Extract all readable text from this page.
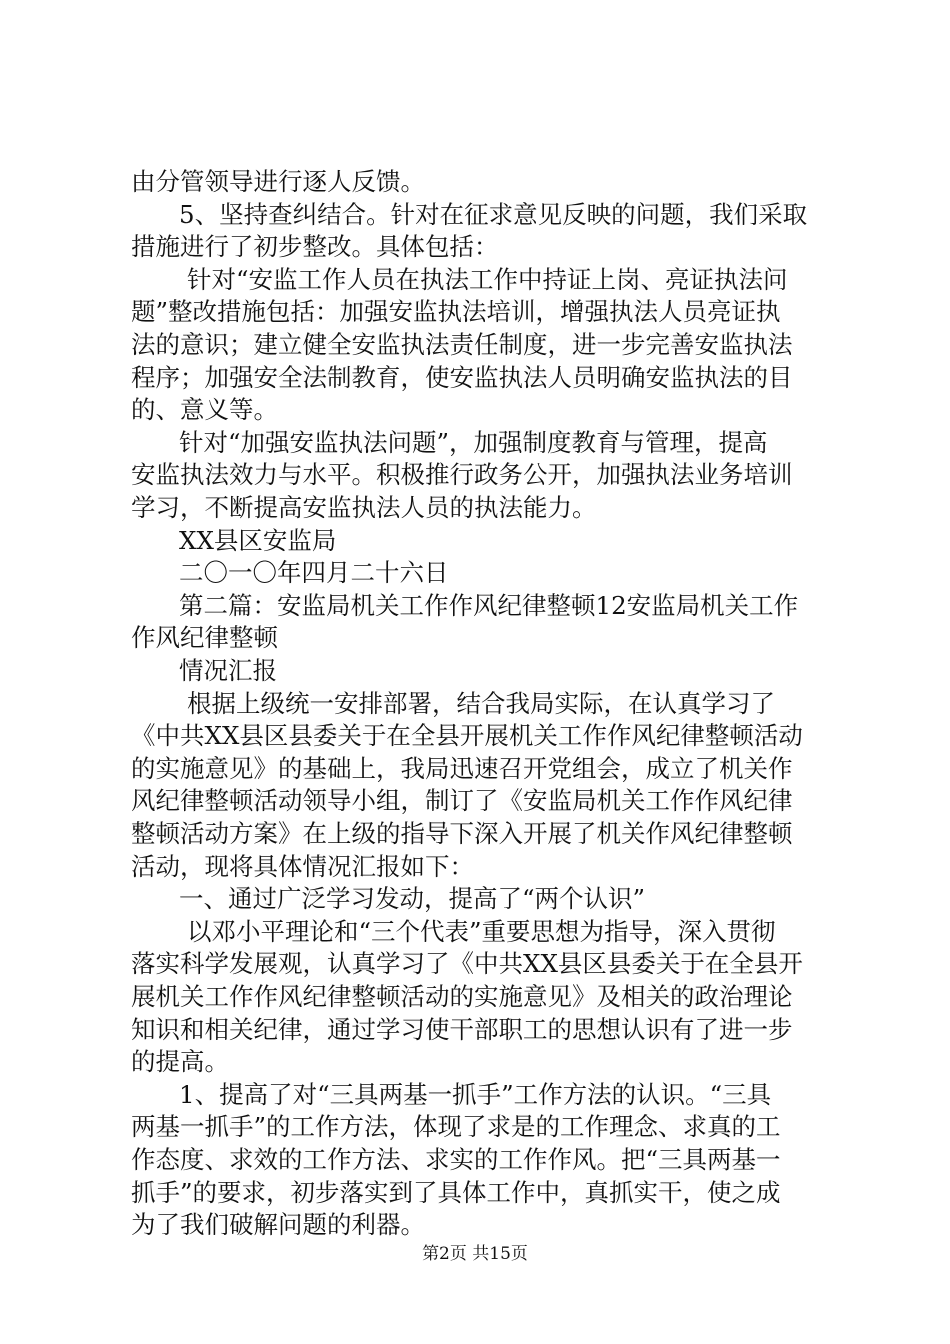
由分管领导进行逐人反馈。
5、坚持查纠结合。针对在征求意见反映的问题，我们采取
措施进行了初步整改。具体包括：
针对“安监工作人员在执法工作中持证上岗、亮证执法问
题”整改措施包括：加强安监执法培训，增强执法人员亮证执
法的意识；建立健全安监执法责任制度，进一步完善安监执法
程序；加强安全法制教育，使安监执法人员明确安监执法的目
的、意义等。
针对“加强安监执法问题”，加强制度教育与管理，提高
安监执法效力与水平。积极推行政务公开，加强执法业务培训
学习，不断提高安监执法人员的执法能力。
XX县区安监局
二〇一〇年四月二十六日
第二篇：安监局机关工作作风纪律整顿12安监局机关工作
作风纪律整顿
情况汇报
根据上级统一安排部署，结合我局实际，在认真学习了
《中共XX县区县委关于在全县开展机关工作作风纪律整顿活动
的实施意见》的基础上，我局迅速召开党组会，成立了机关作
风纪律整顿活动领导小组，制订了《安监局机关工作作风纪律
整顿活动方案》在上级的指导下深入开展了机关作风纪律整顿
活动，现将具体情况汇报如下：
一、通过广泛学习发动，提高了“两个认识”
以邓小平理论和“三个代表”重要思想为指导，深入贯彻
落实科学发展观，认真学习了《中共XX县区县委关于在全县开
展机关工作作风纪律整顿活动的实施意见》及相关的政治理论
知识和相关纪律，通过学习使干部职工的思想认识有了进一步
的提高。
1、提高了对“三具两基一抓手”工作方法的认识。“三具
两基一抓手”的工作方法，体现了求是的工作理念、求真的工
作态度、求效的工作方法、求实的工作作风。把“三具两基一
抓手”的要求，初步落实到了具体工作中，真抓实干，使之成
为了我们破解问题的利器。
第2页 共15页
